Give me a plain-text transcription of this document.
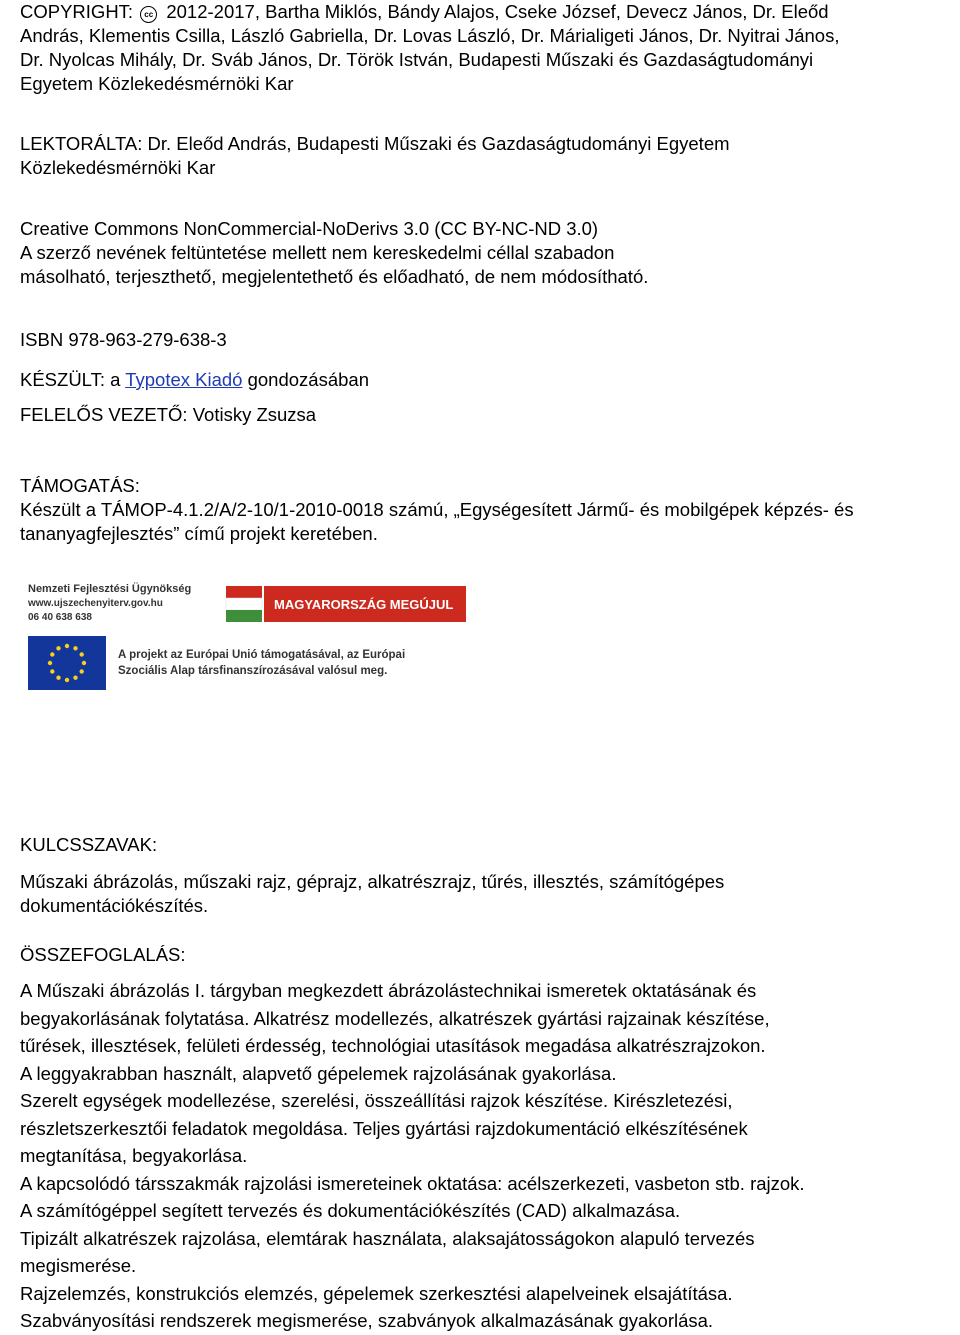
COPYRIGHT: cc 2012-2017, Bartha Miklós, Bándy Alajos, Cseke József, Devecz János, Dr. Eleőd
András, Klementis Csilla, László Gabriella, Dr. Lovas László, Dr. Márialigeti János, Dr. Nyitrai János,
Dr. Nyolcas Mihály, Dr. Sváb János, Dr. Török István, Budapesti Műszaki és Gazdaságtudományi
Egyetem Közlekedésmérnöki Kar
LEKTORÁLTA: Dr. Eleőd András, Budapesti Műszaki és Gazdaságtudományi Egyetem
Közlekedésmérnöki Kar
Creative Commons NonCommercial-NoDerivs 3.0 (CC BY-NC-ND 3.0)
A szerző nevének feltüntetése mellett nem kereskedelmi céllal szabadon
másolható, terjeszthető, megjelentethető és előadható, de nem módosítható.
ISBN 978-963-279-638-3
KÉSZÜLT: a Typotex Kiadó gondozásában
FELELŐS VEZETŐ: Votisky Zsuzsa
TÁMOGATÁS:
Készült a TÁMOP-4.1.2/A/2-10/1-2010-0018 számú, „Egységesített Jármű- és mobilgépek képzés- és
tananyagfejlesztés” című projekt keretében.
Nemzeti Fejlesztési Ügynökség
www.ujszechenyiterv.gov.hu
06 40 638 638
MAGYARORSZÁG MEGÚJUL
A projekt az Európai Unió támogatásával, az Európai
Szociális Alap társfinanszírozásával valósul meg.
KULCSSZAVAK:
Műszaki ábrázolás, műszaki rajz, géprajz, alkatrészrajz, tűrés, illesztés, számítógépes
dokumentációkészítés.
ÖSSZEFOGLALÁS:
A Műszaki ábrázolás I. tárgyban megkezdett ábrázolástechnikai ismeretek oktatásának és
begyakorlásának folytatása. Alkatrész modellezés, alkatrészek gyártási rajzainak készítése,
tűrések, illesztések, felületi érdesség, technológiai utasítások megadása alkatrészrajzokon.
A leggyakrabban használt, alapvető gépelemek rajzolásának gyakorlása.
Szerelt egységek modellezése, szerelési, összeállítási rajzok készítése. Kirészletezési,
részletszerkesztői feladatok megoldása. Teljes gyártási rajzdokumentáció elkészítésének
megtanítása, begyakorlása.
A kapcsolódó társszakmák rajzolási ismereteinek oktatása: acélszerkezeti, vasbeton stb. rajzok.
A számítógéppel segített tervezés és dokumentációkészítés (CAD) alkalmazása.
Tipizált alkatrészek rajzolása, elemtárak használata, alaksajátosságokon alapuló tervezés
megismerése.
Rajzelemzés, konstrukciós elemzés, gépelemek szerkesztési alapelveinek elsajátítása.
Szabványosítási rendszerek megismerése, szabványok alkalmazásának gyakorlása.
